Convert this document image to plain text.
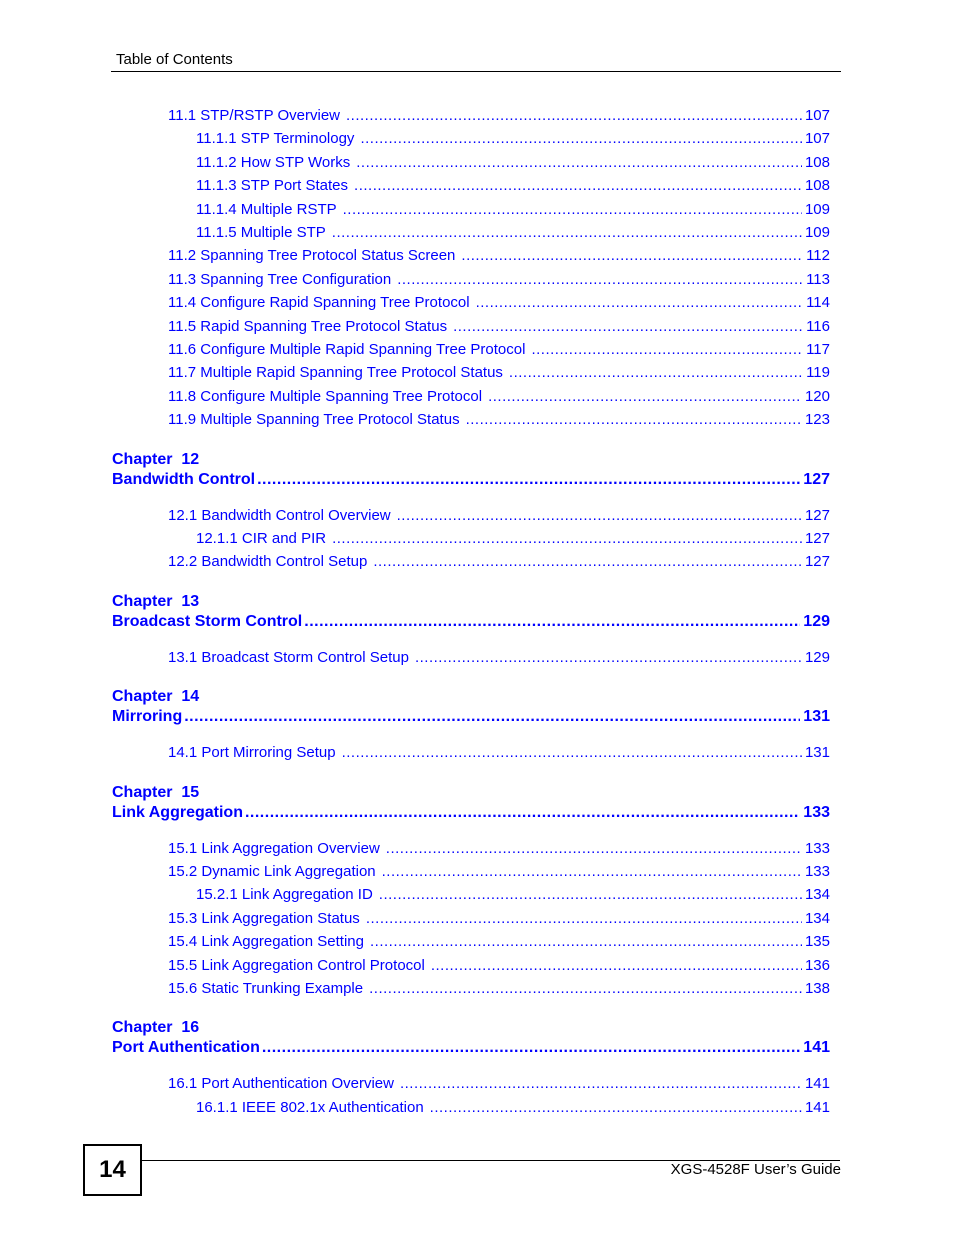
Table of Contents
11.1 STP/RSTP Overview .....	107
11.1.1 STP Terminology .....	107
11.1.2 How STP Works .....	108
11.1.3 STP Port States .....	108
11.1.4 Multiple RSTP .....	109
11.1.5 Multiple STP .....	109
11.2 Spanning Tree Protocol Status Screen .....	112
11.3 Spanning Tree Configuration .....	113
11.4 Configure Rapid Spanning Tree Protocol .....	114
11.5 Rapid Spanning Tree Protocol Status .....	116
11.6 Configure Multiple Rapid Spanning Tree Protocol .....	117
11.7 Multiple Rapid Spanning Tree Protocol Status .....	119
11.8 Configure Multiple Spanning Tree Protocol .....	120
11.9 Multiple Spanning Tree Protocol Status .....	123
Chapter  12
Bandwidth Control .....	127
12.1 Bandwidth Control Overview .....	127
12.1.1 CIR and PIR .....	127
12.2 Bandwidth Control Setup .....	127
Chapter  13
Broadcast Storm Control .....	129
13.1 Broadcast Storm Control Setup .....	129
Chapter  14
Mirroring .....	131
14.1 Port Mirroring Setup .....	131
Chapter  15
Link Aggregation .....	133
15.1 Link Aggregation Overview .....	133
15.2 Dynamic Link Aggregation .....	133
15.2.1 Link Aggregation ID .....	134
15.3 Link Aggregation Status .....	134
15.4 Link Aggregation Setting .....	135
15.5 Link Aggregation Control Protocol .....	136
15.6 Static Trunking Example .....	138
Chapter  16
Port Authentication .....	141
16.1 Port Authentication Overview .....	141
16.1.1 IEEE 802.1x Authentication .....	141
14	XGS-4528F User’s Guide
